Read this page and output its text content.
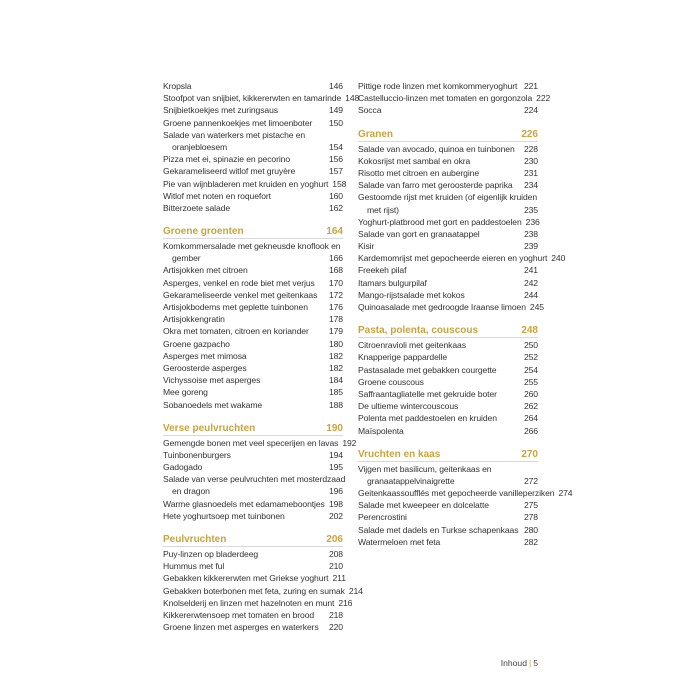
Kropsla	146
Stoofpot van snijbiet, kikkererwten en tamarinde 148
Snijbietkoekjes met zuringsaus	149
Groene pannenkoekjes met limoenboter 150
Salade van waterkers met pistache en
oranjebloesem	154
Pizza met ei, spinazie en pecorino	156
Gekarameliseerd witlof met gruyère	157
Pie van wijnbladeren met kruiden en yoghurt 158
Witlof met noten en roquefort	160
Bitterzoete salade	162
Groene groenten	164
Komkommersalade met gekneusde knoflook en
gember	166
Artisjokken met citroen	168
Asperges, venkel en rode biet met verjus 170
Gekarameliseerde venkel met geitenkaas 172
Artisjokbodems met geplette tuinbonen 176
Artisjokkengratin	178
Okra met tomaten, citroen en koriander 179
Groene gazpacho	180
Asperges met mimosa	182
Geroosterde asperges	182
Vichyssoise met asperges	184
Mee goreng	185
Sobanoedels met wakame	188
Verse peulvruchten	190
Gemengde bonen met veel specerijen en lavas 192
Tuinbonenburgers	194
Gadogado	195
Salade van verse peulvruchten met mosterdzaad
en dragon	196
Warme glasnoedels met edamameboontjes 198
Hete yoghurtsoep met tuinbonen	202
Peulvruchten	206
Puy-linzen op bladerdeeg	208
Hummus met ful	210
Gebakken kikkererwten met Griekse yoghurt 211
Gebakken boterbonen met feta, zuring en sumak 214
Knolselderij en linzen met hazelnoten en munt 216
Kikkererwtensoep met tomaten en brood 218
Groene linzen met asperges en waterkers 220
Pittige rode linzen met komkommeryoghurt 221
Castelluccio-linzen met tomaten en gorgonzola 222
Socca	224
Granen	226
Salade van avocado, quinoa en tuinbonen 228
Kokosrijst met sambal en okra	230
Risotto met citroen en aubergine	231
Salade van farro met geroosterde paprika 234
Gestoomde rijst met kruiden (of eigenlijk kruiden
met rijst)	235
Yoghurt-platbrood met gort en paddestoelen 236
Salade van gort en granaatappel	238
Kisir	239
Kardemomrijst met gepocheerde eieren en yoghurt 240
Freekeh pilaf	241
Itamars bulgurpilaf	242
Mango-rijstsalade met kokos	244
Quinoasalade met gedroogde Iraanse limoen 245
Pasta, polenta, couscous	248
Citroenravioli met geitenkaas	250
Knapperige pappardelle	252
Pastasalade met gebakken courgette	254
Groene couscous	255
Saffraantagliatelle met gekruide boter	260
De ultieme wintercouscous	262
Polenta met paddestoelen en kruiden	264
Maïspolenta	266
Vruchten en kaas	270
Vijgen met basilicum, geitenkaas en
granaatappelvinaigrette	272
Geitenkaassoufflés met gepocheerde vanilleperziken 274
Salade met kweepeer en dolcelatte	275
Perencrostini	278
Salade met dadels en Turkse schapenkaas 280
Watermeloen met feta	282
Inhoud | 5
